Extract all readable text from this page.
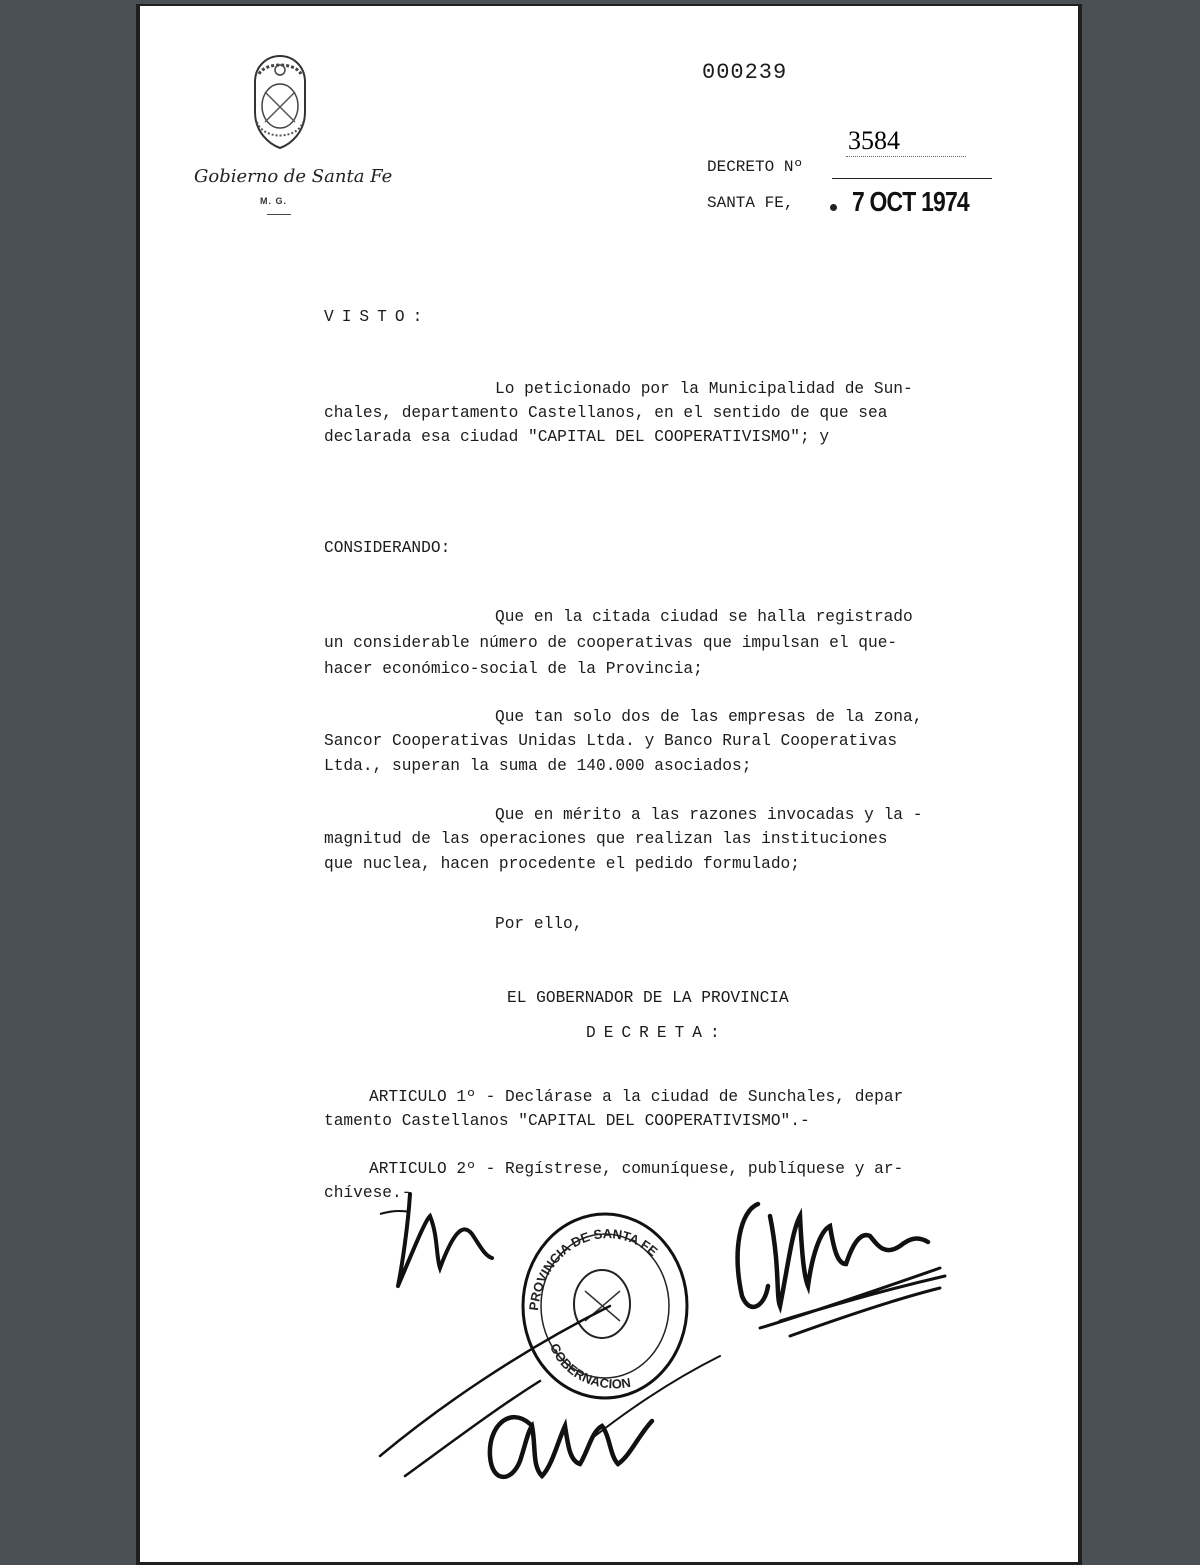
Gobierno de Santa Fe
M. G.
000239
3584
DECRETO Nº
SANTA FE, 7 OCT 1974
VISTO:
Lo peticionado por la Municipalidad de Sun-
chales, departamento Castellanos, en el sentido de que sea
declarada esa ciudad "CAPITAL DEL COOPERATIVISMO"; y
CONSIDERANDO:
Que en la citada ciudad se halla registrado
un considerable número de cooperativas que impulsan el que-
hacer económico-social de la Provincia;
Que tan solo dos de las empresas de la zona,
Sancor Cooperativas Unidas Ltda. y Banco Rural Cooperativas
Ltda., superan la suma de 140.000 asociados;
Que en mérito a las razones invocadas y la -
magnitud de las operaciones que realizan las instituciones
que nuclea, hacen procedente el pedido formulado;
Por ello,
EL GOBERNADOR DE LA PROVINCIA
DECRETA:
ARTICULO 1º - Declárase a la ciudad de Sunchales, depar
tamento Castellanos "CAPITAL DEL COOPERATIVISMO".-
ARTICULO 2º - Regístrese, comuníquese, publíquese y ar-
chívese.-
PROVINCIA DE SANTA FE
GOBERNACION
